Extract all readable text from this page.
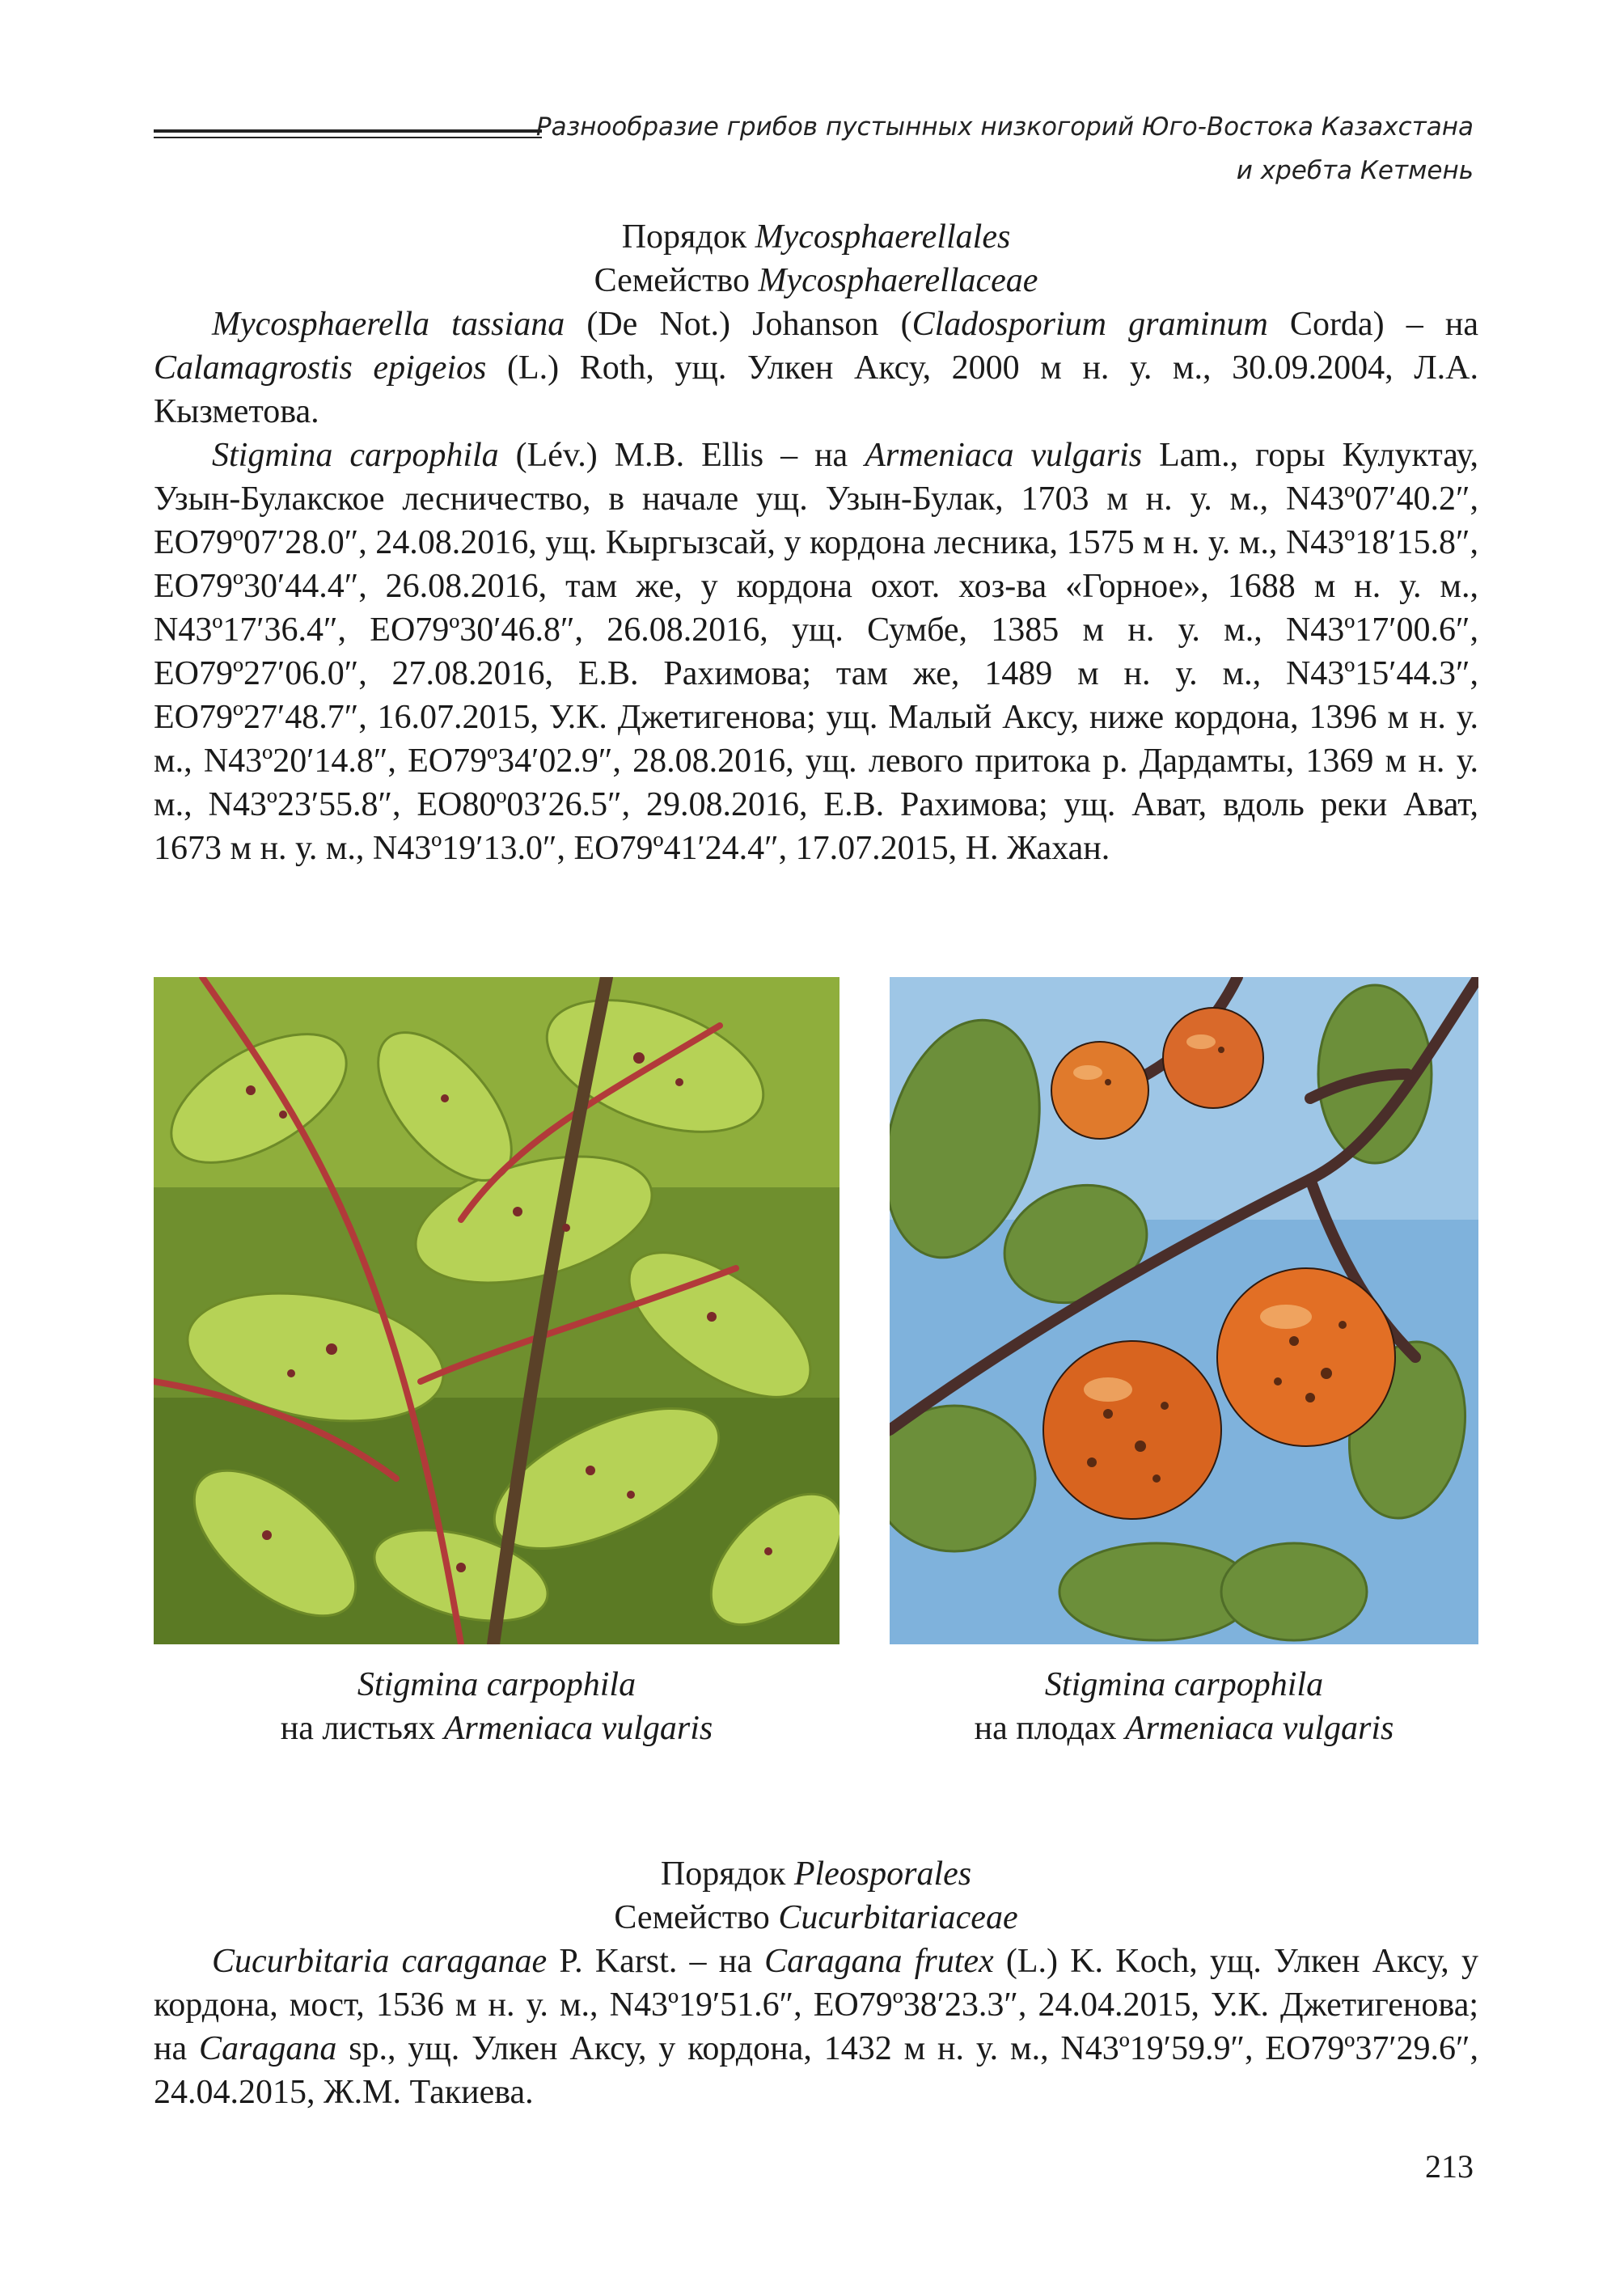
Разнообразие грибов пустынных низкогорий Юго-Востока Казахстана
и хребта Кетмень
Порядок Mycosphaerellales
Семейство Mycosphaerellaceae

Mycosphaerella tassiana (De Not.) Johanson (Cladosporium graminum Corda) – на Calamagrostis epigeios (L.) Roth, ущ. Улкен Аксу, 2000 м н. у. м., 30.09.2004, Л.А. Кызметова.

Stigmina carpophila (Lév.) M.B. Ellis – на Armeniaca vulgaris Lam., горы Кулуктау, Узын-Булакское лесничество, в начале ущ. Узын-Булак, 1703 м н. у. м., N43º07′40.2″, EO79º07′28.0″, 24.08.2016, ущ. Кыргызсай, у кордона лесника, 1575 м н. у. м., N43º18′15.8″, EO79º30′44.4″, 26.08.2016, там же, у кордона охот. хоз-ва «Горное», 1688 м н. у. м., N43º17′36.4″, EO79º30′46.8″, 26.08.2016, ущ. Сумбе, 1385 м н. у. м., N43º17′00.6″, EO79º27′06.0″, 27.08.2016, Е.В. Рахимова; там же, 1489 м н. у. м., N43º15′44.3″, EO79º27′48.7″, 16.07.2015, У.К. Джетигенова; ущ. Малый Аксу, ниже кордона, 1396 м н. у. м., N43º20′14.8″, EO79º34′02.9″, 28.08.2016, ущ. левого притока р. Дардамты, 1369 м н. у. м., N43º23′55.8″, EO80º03′26.5″, 29.08.2016, Е.В. Рахимова; ущ. Ават, вдоль реки Ават, 1673 м н. у. м., N43º19′13.0″, EO79º41′24.4″, 17.07.2015, Н. Жахан.

Stigmina carpophila
на листьях Armeniaca vulgaris
Stigmina carpophila
на плодах Armeniaca vulgaris
Порядок Pleosporales
Семейство Cucurbitariaceae

Cucurbitaria caraganae P. Karst. – на Caragana frutex (L.) K. Koch, ущ. Улкен Аксу, у кордона, мост, 1536 м н. у. м., N43º19′51.6″, EO79º38′23.3″, 24.04.2015, У.К. Джетигенова; на Caragana sp., ущ. Улкен Аксу, у кордона, 1432 м н. у. м., N43º19′59.9″, EO79º37′29.6″, 24.04.2015, Ж.М. Такиева.

213
